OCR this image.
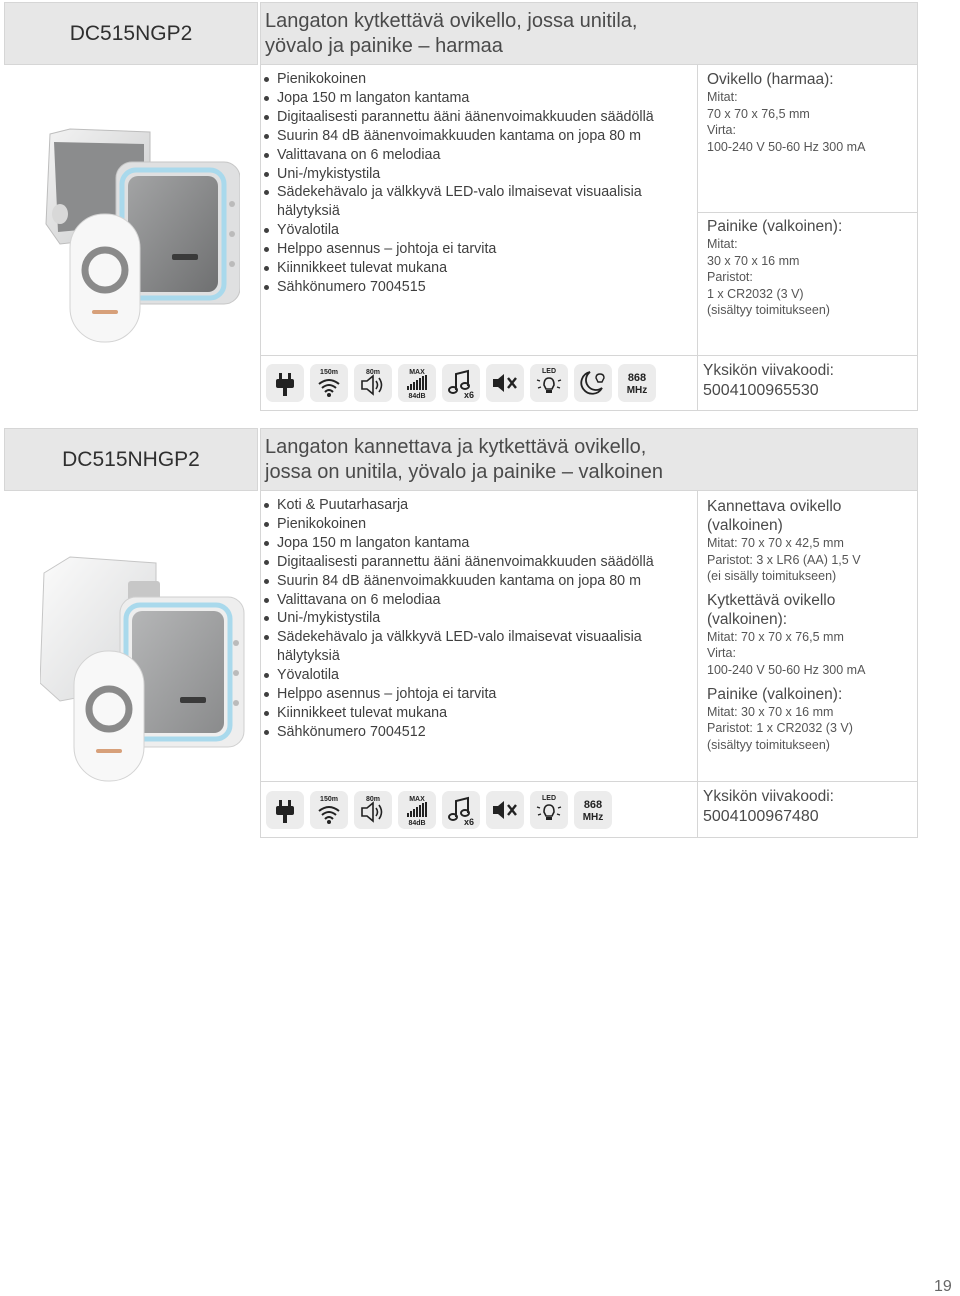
DC515NGP2
Langaton kytkettävä ovikello, jossa unitila,
yövalo ja painike – harmaa
Pienikokoinen
Jopa 150 m langaton kantama
Digitaalisesti parannettu ääni äänenvoimakkuuden säädöllä
Suurin 84 dB äänenvoimakkuuden kantama on jopa 80 m
Valittavana on 6 melodiaa
Uni-/mykistystila
Sädekehävalo ja välkkyvä LED-valo ilmaisevat visuaalisia
hälytyksiä
Yövalotila
Helppo asennus – johtoja ei tarvita
Kiinnikkeet tulevat mukana
Sähkönumero 7004515
Ovikello (harmaa):
Mitat:
70 x 70 x 76,5 mm
Virta:
100-240 V 50-60 Hz 300 mA
Painike (valkoinen):
Mitat:
30 x 70 x 16 mm
Paristot:
1 x CR2032 (3 V)
(sisältyy toimitukseen)
150m	80m	MAX
84dB	x6
LED
868
MHz
Yksikön viivakoodi:
5004100965530
DC515NHGP2
Langaton kannettava ja kytkettävä ovikello,
jossa on unitila, yövalo ja painike – valkoinen
Koti & Puutarhasarja
Pienikokoinen
Jopa 150 m langaton kantama
Digitaalisesti parannettu ääni äänenvoimakkuuden säädöllä
Suurin 84 dB äänenvoimakkuuden kantama on jopa 80 m
Valittavana on 6 melodiaa
Uni-/mykistystila
Sädekehävalo ja välkkyvä LED-valo ilmaisevat visuaalisia
hälytyksiä
Yövalotila
Helppo asennus – johtoja ei tarvita
Kiinnikkeet tulevat mukana
Sähkönumero 7004512
Kannettava ovikello
(valkoinen)
Mitat: 70 x 70 x 42,5 mm
Paristot: 3 x LR6 (AA) 1,5 V
(ei sisälly toimitukseen)
Kytkettävä ovikello
(valkoinen):
Mitat: 70 x 70 x 76,5 mm
Virta:
100-240 V 50-60 Hz 300 mA
Painike (valkoinen):
Mitat: 30 x 70 x 16 mm
Paristot: 1 x CR2032 (3 V)
(sisältyy toimitukseen)
150m	80m	MAX
84dB	x6
LED
868
MHz
Yksikön viivakoodi:
5004100967480
19
